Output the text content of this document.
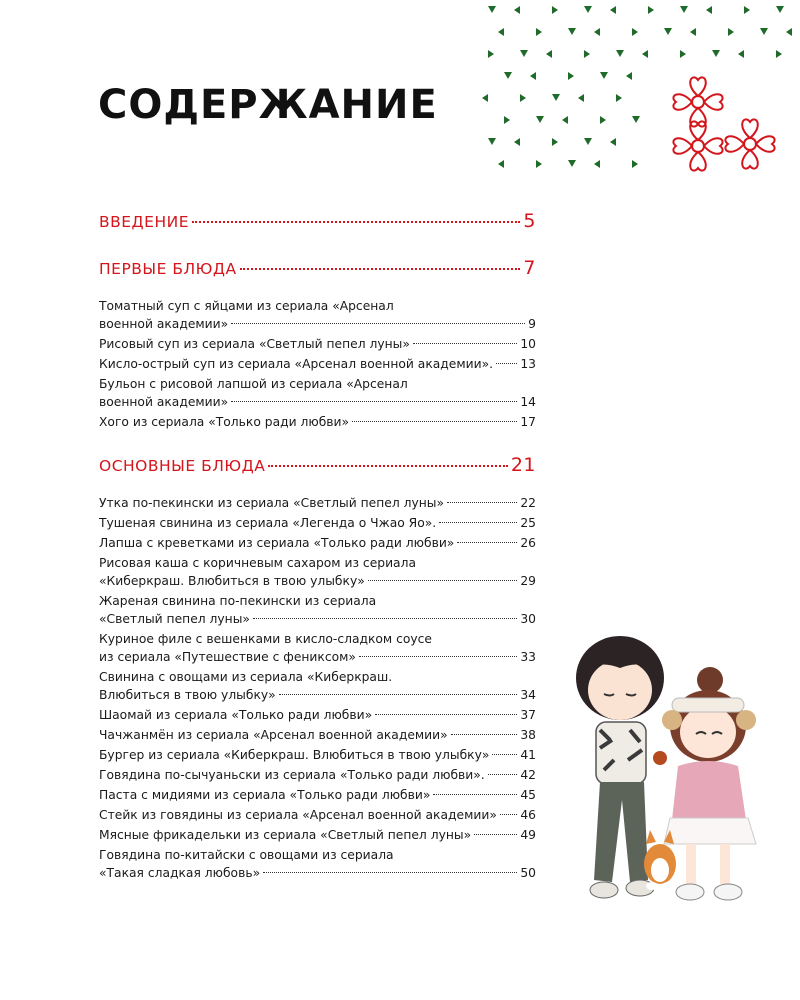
СОДЕРЖАНИЕ
ВВЕДЕНИЕ	5
ПЕРВЫЕ БЛЮДА	7
Томатный суп с яйцами из сериала «Арсенал
военной академии»	9
Рисовый суп из сериала «Светлый пепел луны»	10
Кисло-острый суп из сериала «Арсенал военной академии». 13
Бульон с рисовой лапшой из сериала «Арсенал
военной академии»	14
Хого из сериала «Только ради любви»	17
ОСНОВНЫЕ БЛЮДА	21
Утка по-пекински из сериала «Светлый пепел луны»	22
Тушеная свинина из сериала «Легенда о Чжао Яо».	25
Лапша с креветками из сериала «Только ради любви»	26
Рисовая каша с коричневым сахаром из сериала
«Киберкраш. Влюбиться в твою улыбку»	29
Жареная свинина по-пекински из сериала
«Светлый пепел луны»	30
Куриное филе с вешенками в кисло-сладком соусе
из сериала «Путешествие с фениксом»	33
Свинина с овощами из сериала «Киберкраш.
Влюбиться в твою улыбку»	34
Шаомай из сериала «Только ради любви»	37
Чачжанмён из сериала «Арсенал военной академии»	38
Бургер из сериала «Киберкраш. Влюбиться в твою улыбку»	41
Говядина по-сычуаньски из сериала «Только ради любви».	42
Паста с мидиями из сериала «Только ради любви»	45
Стейк из говядины из сериала «Арсенал военной академии» 46
Мясные фрикадельки из сериала «Светлый пепел луны»	49
Говядина по-китайски с овощами из сериала
«Такая сладкая любовь»	50
